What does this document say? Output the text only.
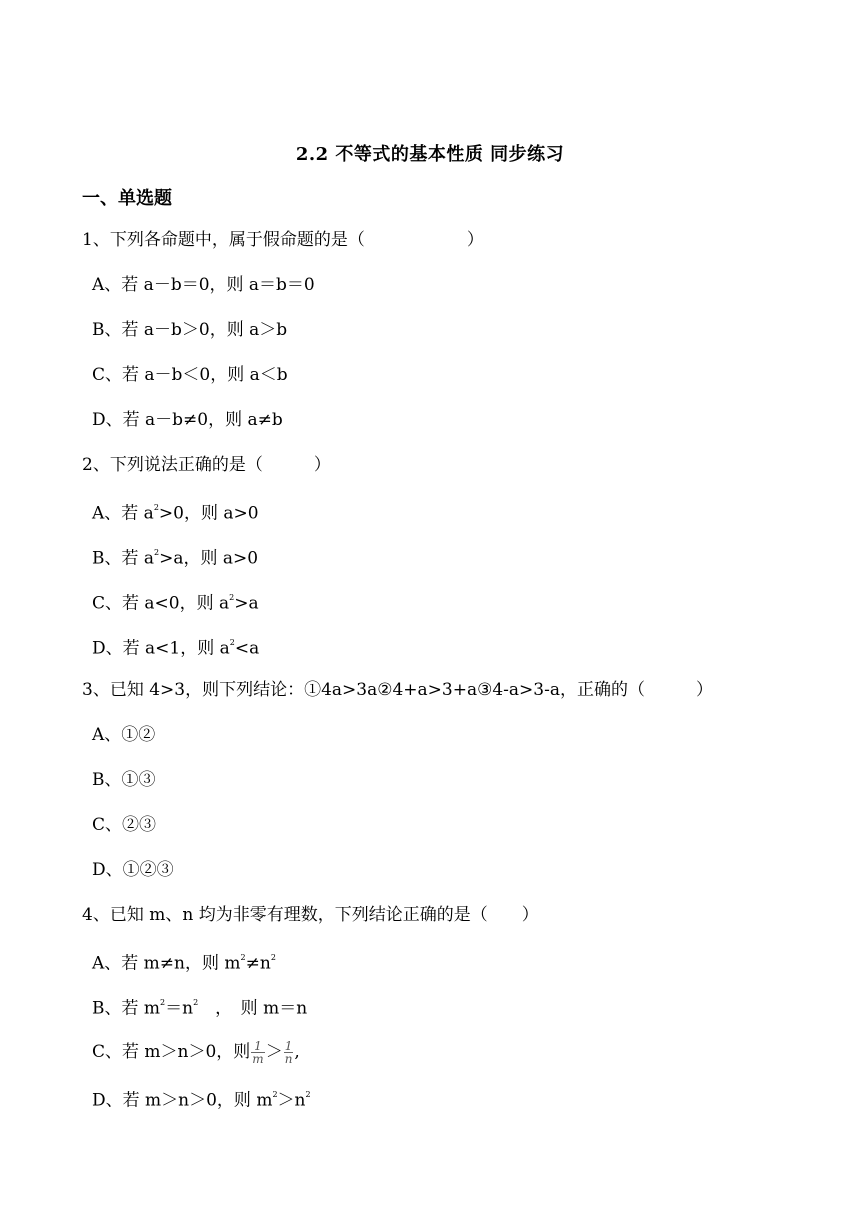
2.2 不等式的基本性质 同步练习
一、单选题
1、下列各命题中，属于假命题的是（　　　　　　）
A、若 a－b＝0，则 a＝b＝0
B、若 a－b＞0，则 a＞b
C、若 a－b＜0，则 a＜b
D、若 a－b≠0，则 a≠b
2、下列说法正确的是（　　　）
A、若 $a^2>0$，则 a>0
B、若 $a^2>a$，则 a>0
C、若 a<0，则 $a^2>a$
D、若 a<1，则 $a^2<a$
3、已知 4>3，则下列结论：①4a>3a②4+a>3+a③4-a>3-a，正确的（　　　）
A、①②
B、①③
C、②③
D、①②③
4、已知 m、n 均为非零有理数，下列结论正确的是（　　）
A、若 m≠n，则 $m^2\ne n^2$
B、若 $m^2=n^2$　，　则 m＝n
C、若 m＞n＞0，则 $\frac{1}{m} > \frac{1}{n}$ ,
D、若 m＞n＞0，则 $m^2>n^2$
